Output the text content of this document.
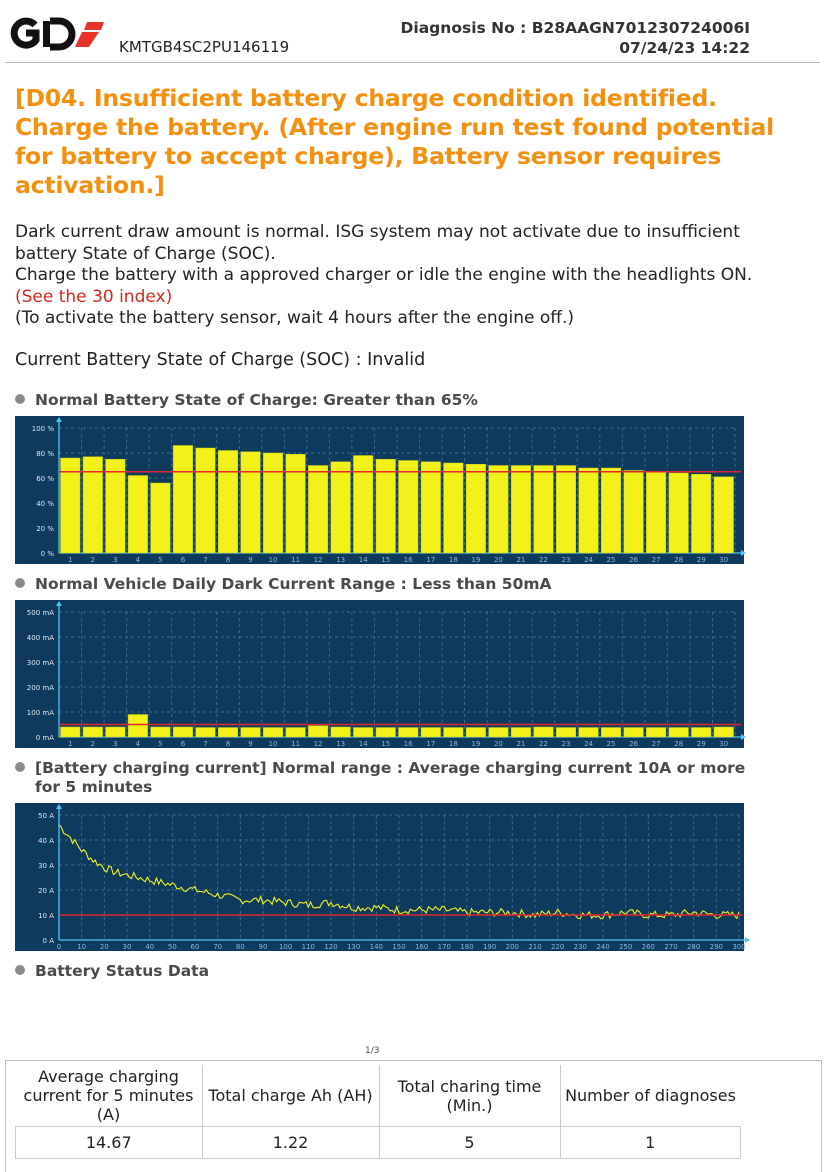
KMTGB4SC2PU146119
Diagnosis No : B28AAGN701230724006I
07/24/23 14:22
[D04. Insufficient battery charge condition identified. Charge the battery. (After engine run test found potential for battery to accept charge), Battery sensor requires activation.]
Dark current draw amount is normal. ISG system may not activate due to insufficient battery State of Charge (SOC).
Charge the battery with a approved charger or idle the engine with the headlights ON. (See the 30 index)
(To activate the battery sensor, wait 4 hours after the engine off.)
Current Battery State of Charge (SOC) : Invalid
Normal Battery State of Charge: Greater than 65%
0 %
20 %
40 %
60 %
80 %
100 %
1	2	3	4	5	6	7	8	9 10 11 12 13 14 15 16 17 18 19 20 21 22 23 24 25 26 27 28 29 30
Normal Vehicle Daily Dark Current Range : Less than 50mA
0 mA
100 mA
200 mA
300 mA
400 mA
500 mA
1	2	3	4	5	6	7	8	9 10 11 12 13 14 15 16 17 18 19 20 21 22 23 24 25 26 27 28 29 30
[Battery charging current] Normal range : Average charging current 10A or more for 5 minutes
0 A
10 A
20 A
30 A
40 A
50 A
0 10 20 30 40 50 60 70 80 90 100 110 120 130 140 150 160 170 180 190 200 210 220 230 240 250 260 270 280 290 300
Battery Status Data
1/3
Average charging current for 5 minutes (A)	Total charge Ah (AH)	Total charing time (Min.)	Number of diagnoses
14.67	1.22	5	1
